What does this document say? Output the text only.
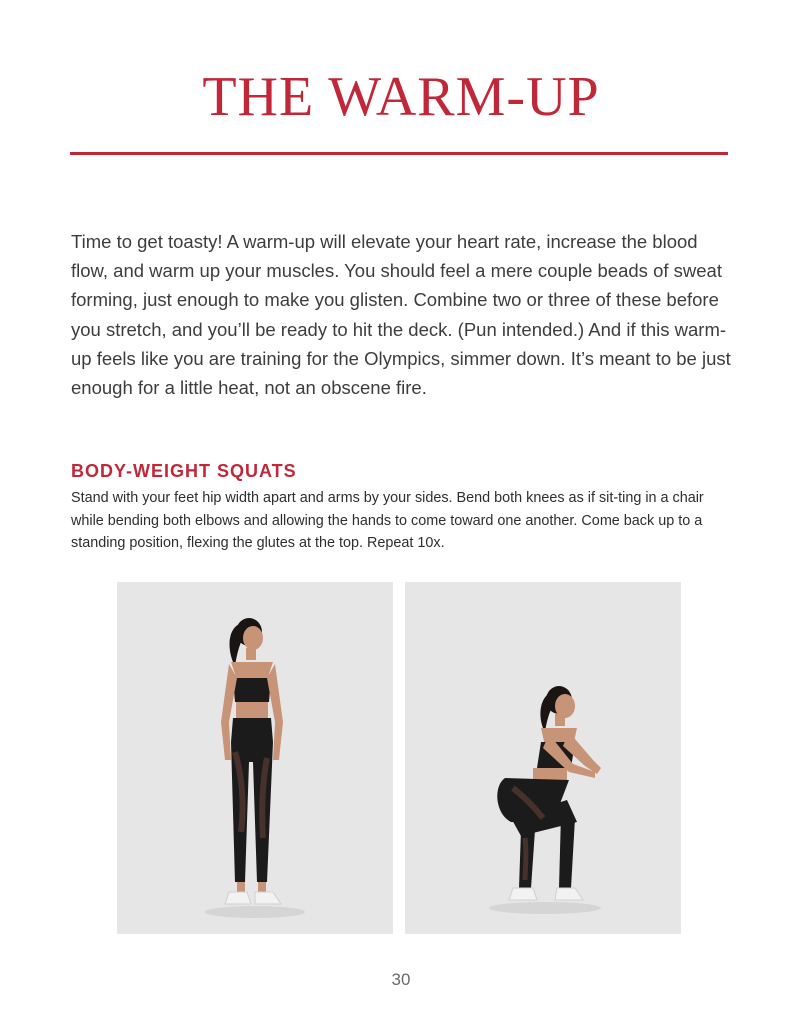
THE WARM-UP

Time to get toasty! A warm-up will elevate your heart rate, increase the blood flow, and warm up your muscles. You should feel a mere couple beads of sweat forming, just enough to make you glisten. Combine two or three of these before you stretch, and you’ll be ready to hit the deck. (Pun intended.) And if this warm-up feels like you are training for the Olympics, simmer down. It’s meant to be just enough for a little heat, not an obscene fire.

BODY-WEIGHT SQUATS

Stand with your feet hip width apart and arms by your sides. Bend both knees as if sit-ting in a chair while bending both elbows and allowing the hands to come toward one another. Come back up to a standing position, flexing the glutes at the top. Repeat 10x.

30
